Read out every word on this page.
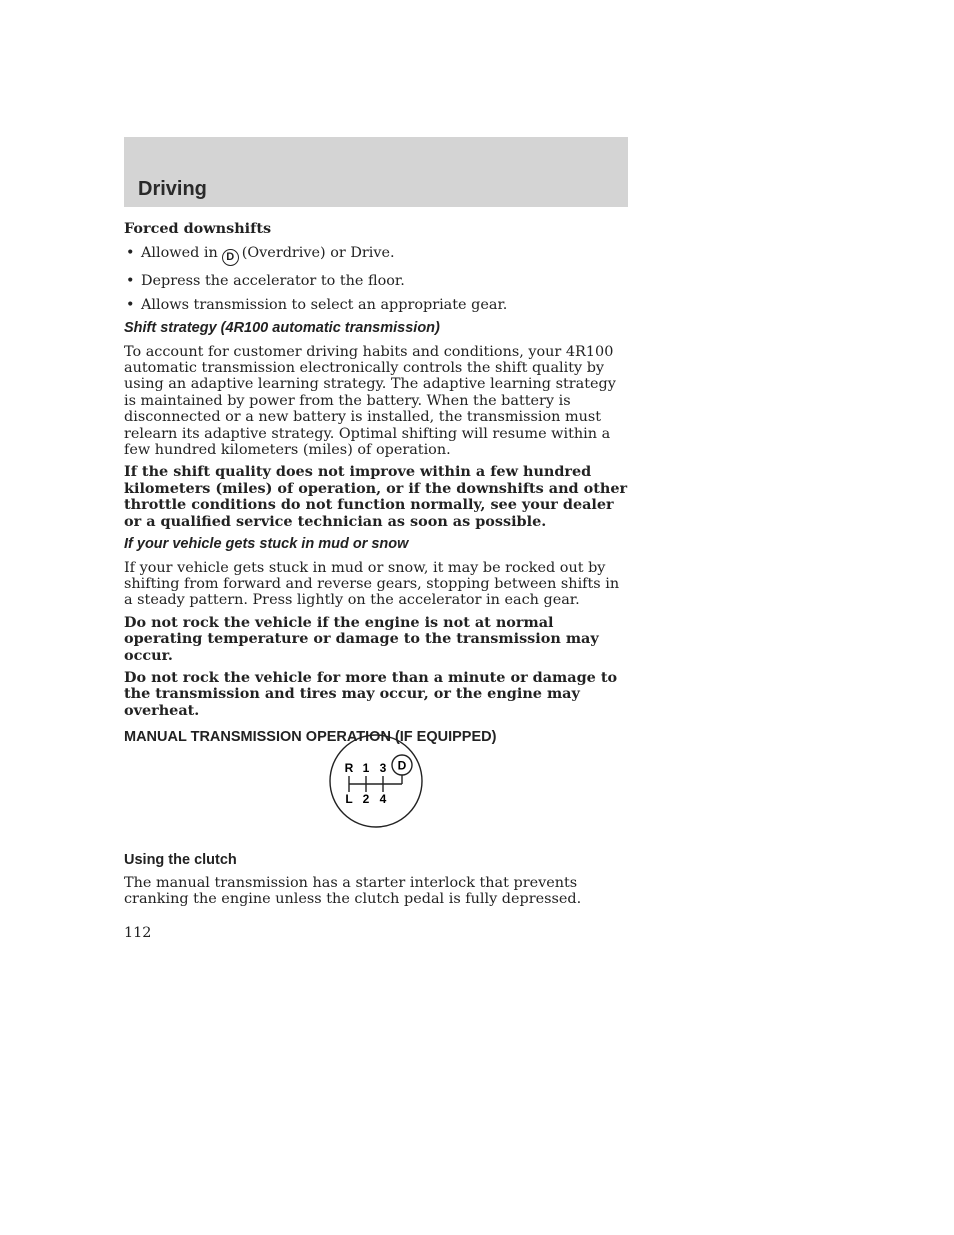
Driving

Forced downshifts

• Allowed in D (Overdrive) or Drive.
• Depress the accelerator to the floor.
• Allows transmission to select an appropriate gear.

Shift strategy (4R100 automatic transmission)

To account for customer driving habits and conditions, your 4R100 automatic transmission electronically controls the shift quality by using an adaptive learning strategy. The adaptive learning strategy is maintained by power from the battery. When the battery is disconnected or a new battery is installed, the transmission must relearn its adaptive strategy. Optimal shifting will resume within a few hundred kilometers (miles) of operation.

If the shift quality does not improve within a few hundred kilometers (miles) of operation, or if the downshifts and other throttle conditions do not function normally, see your dealer or a qualified service technician as soon as possible.

If your vehicle gets stuck in mud or snow

If your vehicle gets stuck in mud or snow, it may be rocked out by shifting from forward and reverse gears, stopping between shifts in a steady pattern. Press lightly on the accelerator in each gear.

Do not rock the vehicle if the engine is not at normal operating temperature or damage to the transmission may occur.

Do not rock the vehicle for more than a minute or damage to the transmission and tires may occur, or the engine may overheat.

MANUAL TRANSMISSION OPERATION (IF EQUIPPED)

R 1 3 D
L 2 4

Using the clutch

The manual transmission has a starter interlock that prevents cranking the engine unless the clutch pedal is fully depressed.

112
